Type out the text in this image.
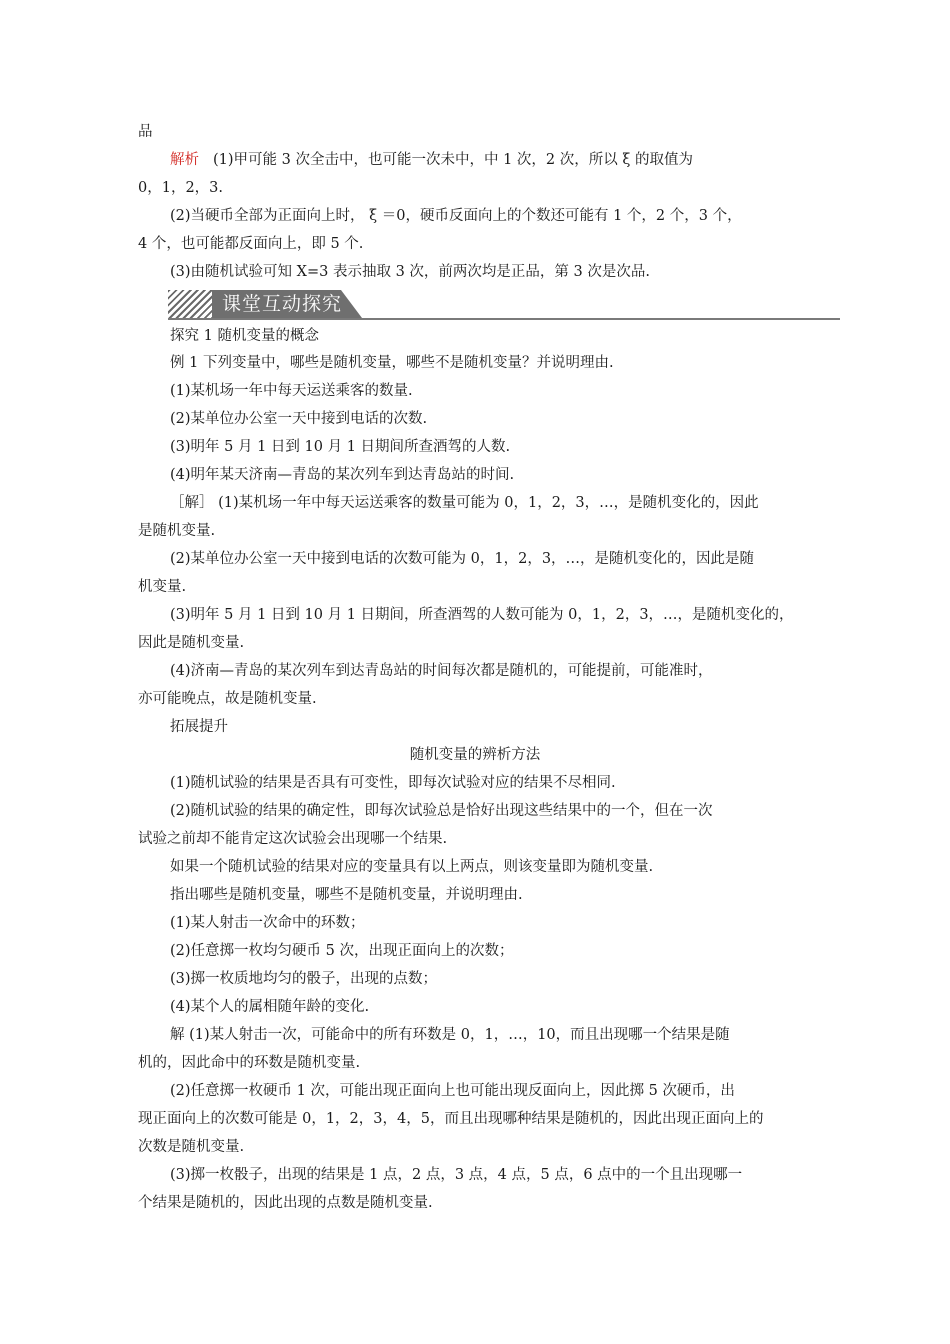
品
解析 (1)甲可能 3 次全击中，也可能一次未中，中 1 次，2 次，所以 ξ 的取值为
0，1，2，3.
(2)当硬币全部为正面向上时， ξ ＝0，硬币反面向上的个数还可能有 1 个，2 个，3 个，
4 个，也可能都反面向上，即 5 个.
(3)由随机试验可知 X=3 表示抽取 3 次，前两次均是正品，第 3 次是次品.
课堂互动探究
探究 1 随机变量的概念
例 1 下列变量中，哪些是随机变量，哪些不是随机变量？并说明理由.
(1)某机场一年中每天运送乘客的数量.
(2)某单位办公室一天中接到电话的次数.
(3)明年 5 月 1 日到 10 月 1 日期间所查酒驾的人数.
(4)明年某天济南—青岛的某次列车到达青岛站的时间.
［解］ (1)某机场一年中每天运送乘客的数量可能为 0，1，2，3，…，是随机变化的，因此
是随机变量.
(2)某单位办公室一天中接到电话的次数可能为 0，1，2，3，…，是随机变化的，因此是随
机变量.
(3)明年 5 月 1 日到 10 月 1 日期间，所查酒驾的人数可能为 0，1，2，3，…，是随机变化的，
因此是随机变量.
(4)济南—青岛的某次列车到达青岛站的时间每次都是随机的，可能提前，可能准时，
亦可能晚点，故是随机变量.
拓展提升
随机变量的辨析方法
(1)随机试验的结果是否具有可变性，即每次试验对应的结果不尽相同.
(2)随机试验的结果的确定性，即每次试验总是恰好出现这些结果中的一个，但在一次
试验之前却不能肯定这次试验会出现哪一个结果.
如果一个随机试验的结果对应的变量具有以上两点，则该变量即为随机变量.
指出哪些是随机变量，哪些不是随机变量，并说明理由.
(1)某人射击一次命中的环数；
(2)任意掷一枚均匀硬币 5 次，出现正面向上的次数；
(3)掷一枚质地均匀的骰子，出现的点数；
(4)某个人的属相随年龄的变化.
解 (1)某人射击一次，可能命中的所有环数是 0，1，…，10，而且出现哪一个结果是随
机的，因此命中的环数是随机变量.
(2)任意掷一枚硬币 1 次，可能出现正面向上也可能出现反面向上，因此掷 5 次硬币，出
现正面向上的次数可能是 0，1，2，3，4，5，而且出现哪种结果是随机的，因此出现正面向上的
次数是随机变量.
(3)掷一枚骰子，出现的结果是 1 点，2 点，3 点，4 点，5 点，6 点中的一个且出现哪一
个结果是随机的，因此出现的点数是随机变量.
